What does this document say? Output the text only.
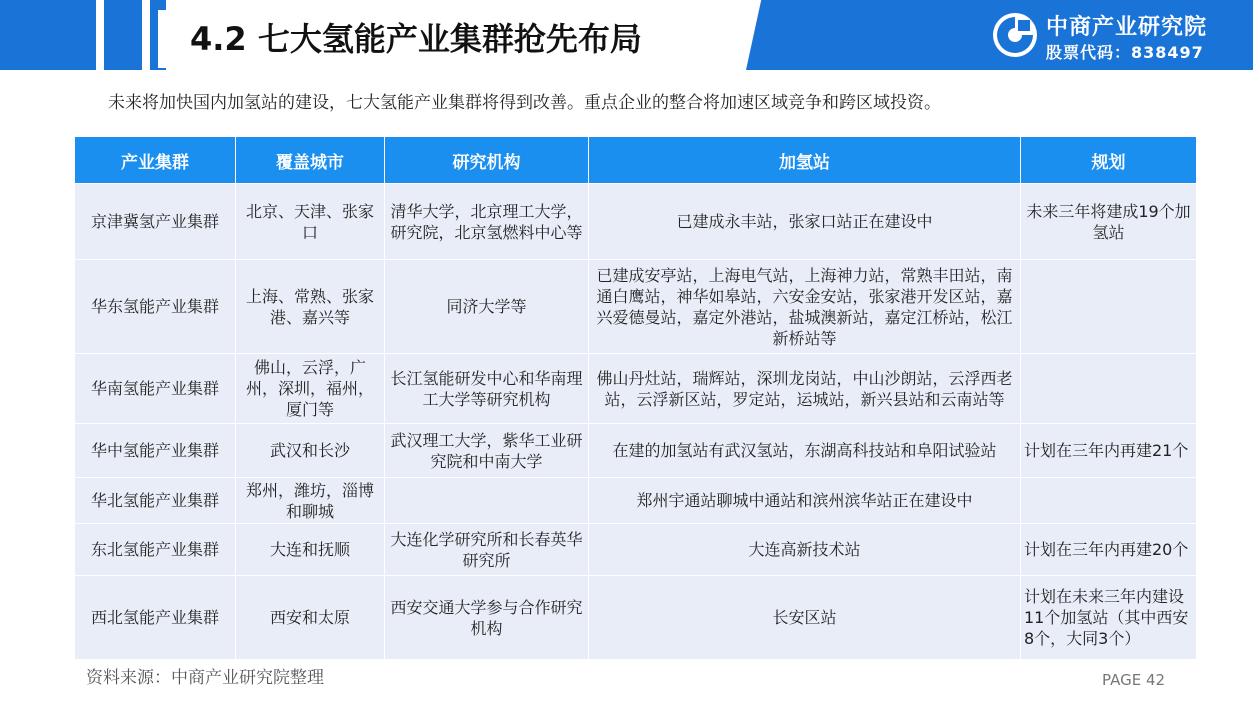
4.2 七大氢能产业集群抢先布局	中商产业研究院
股票代码：838497
未来将加快国内加氢站的建设，七大氢能产业集群将得到改善。重点企业的整合将加速区域竞争和跨区域投资。
产业集群	覆盖城市	研究机构	加氢站	规划
京津冀氢产业集群	北京、天津、张家口	清华大学，北京理工大学，研究院，北京氢燃料中心等	已建成永丰站，张家口站正在建设中	未来三年将建成19个加氢站
华东氢能产业集群	上海、常熟、张家港、嘉兴等	同济大学等	已建成安亭站，上海电气站，上海神力站，常熟丰田站，南通白鹰站，神华如皋站，六安金安站，张家港开发区站，嘉兴爱德曼站，嘉定外港站，盐城澳新站，嘉定江桥站，松江新桥站等	
华南氢能产业集群	佛山，云浮，广州，深圳，福州，厦门等	长江氢能研发中心和华南理工大学等研究机构	佛山丹灶站，瑞辉站，深圳龙岗站，中山沙朗站，云浮西老站，云浮新区站，罗定站，运城站，新兴县站和云南站等	
华中氢能产业集群	武汉和长沙	武汉理工大学，紫华工业研究院和中南大学	在建的加氢站有武汉氢站，东湖高科技站和阜阳试验站	计划在三年内再建21个
华北氢能产业集群	郑州，潍坊，淄博和聊城		郑州宇通站聊城中通站和滨州滨华站正在建设中	
东北氢能产业集群	大连和抚顺	大连化学研究所和长春英华研究所	大连高新技术站	计划在三年内再建20个
西北氢能产业集群	西安和太原	西安交通大学参与合作研究机构	长安区站	计划在未来三年内建设11个加氢站（其中西安8个，大同3个）
资料来源：中商产业研究院整理	PAGE 42
